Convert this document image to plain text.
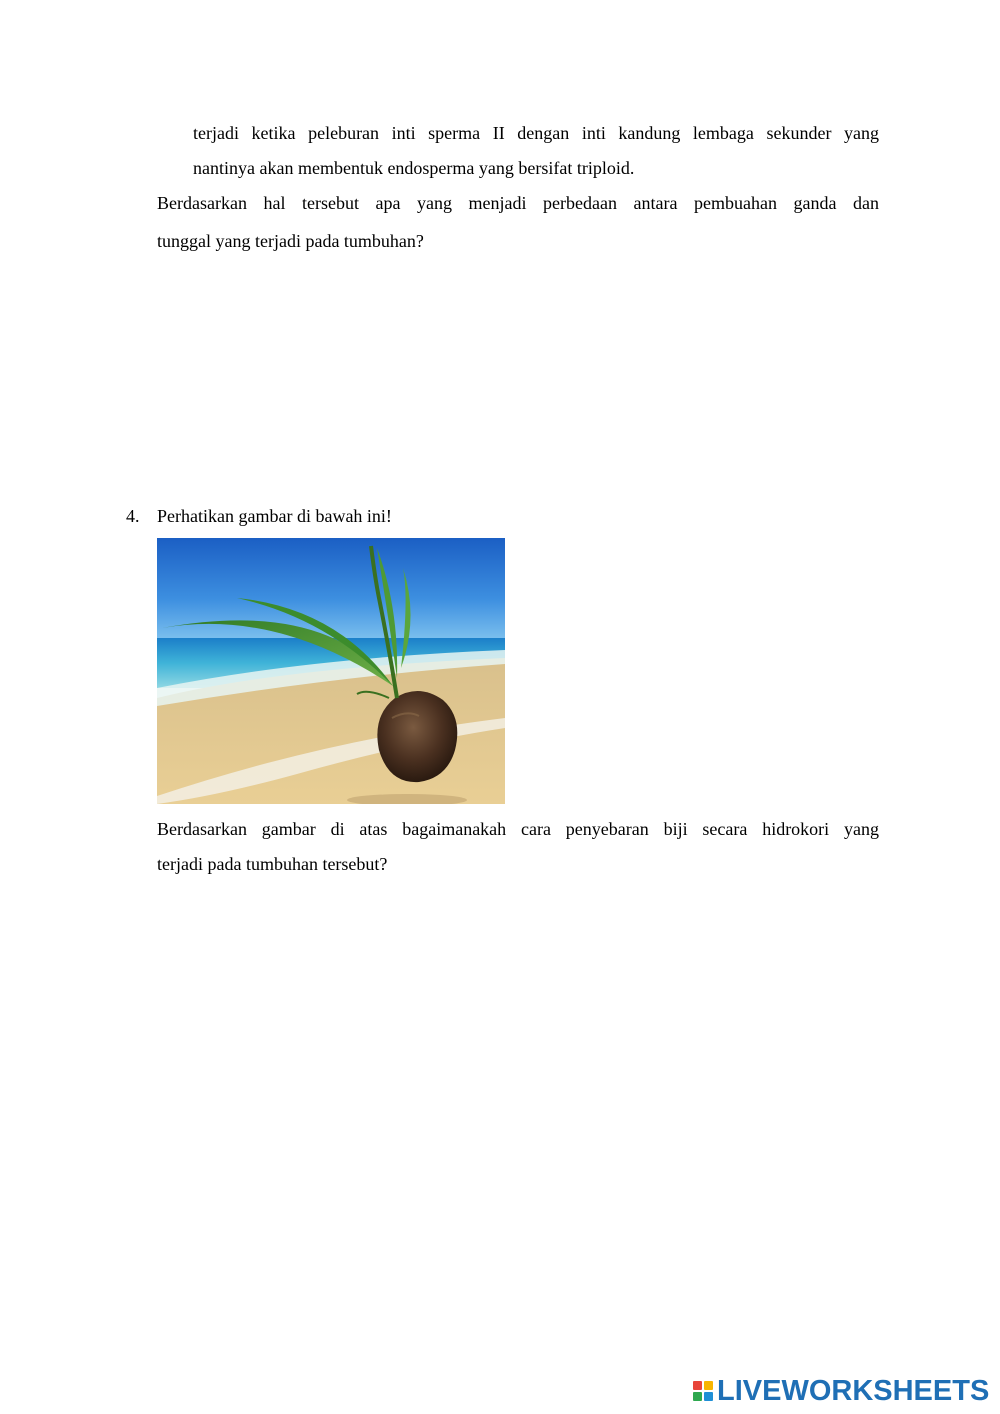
terjadi ketika peleburan inti sperma II dengan inti kandung lembaga sekunder yang
nantinya akan membentuk endosperma yang bersifat triploid.
Berdasarkan hal tersebut apa yang menjadi perbedaan antara pembuahan ganda dan
tunggal yang terjadi pada tumbuhan?
4. Perhatikan gambar di bawah ini!
Berdasarkan gambar di atas bagaimanakah cara penyebaran biji secara hidrokori yang
terjadi pada tumbuhan tersebut?
LIVEWORKSHEETS
